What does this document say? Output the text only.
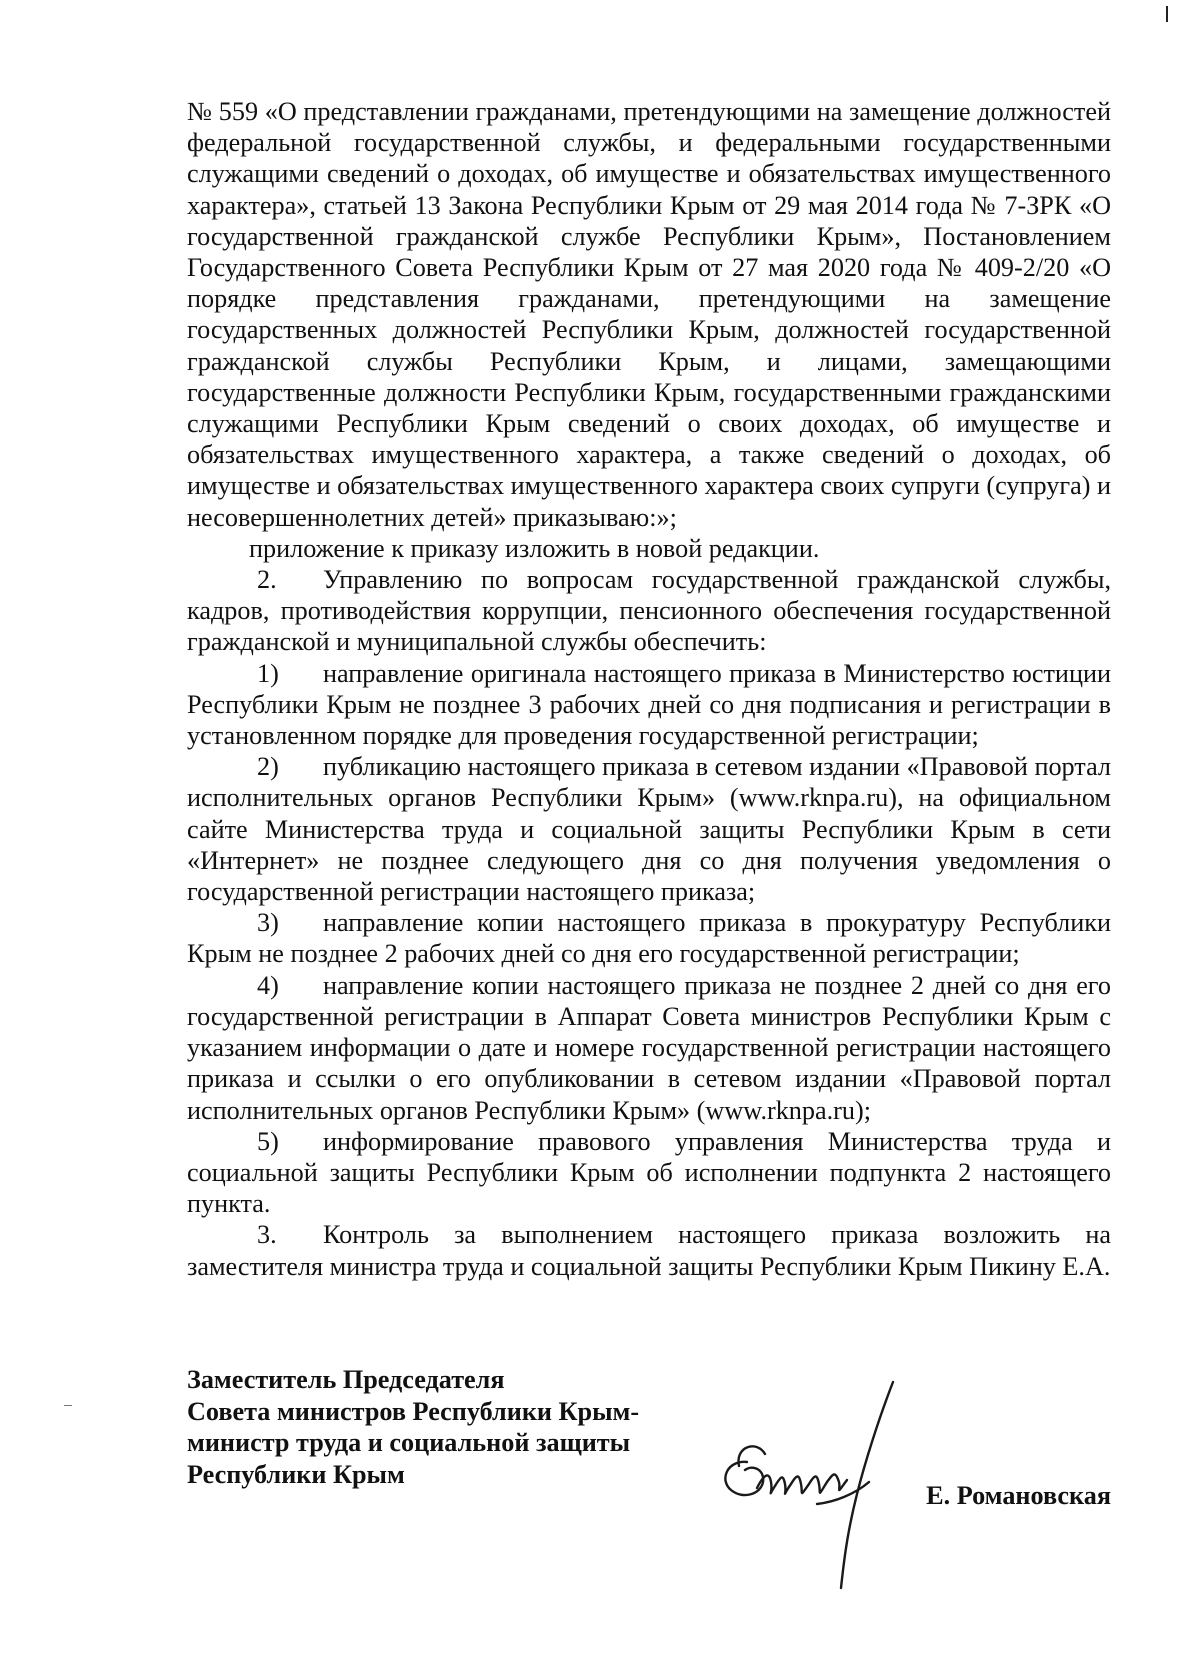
№ 559 «О представлении гражданами, претендующими на замещение должностей федеральной государственной службы, и федеральными государственными служащими сведений о доходах, об имуществе и обязательствах имущественного характера», статьей 13 Закона Республики Крым от 29 мая 2014 года № 7-ЗРК «О государственной гражданской службе Республики Крым», Постановлением Государственного Совета Республики Крым от 27 мая 2020 года № 409-2/20 «О порядке представления гражданами, претендующими на замещение государственных должностей Республики Крым, должностей государственной гражданской службы Республики Крым, и лицами, замещающими государственные должности Республики Крым, государственными гражданскими служащими Республики Крым сведений о своих доходах, об имуществе и обязательствах имущественного характера, а также сведений о доходах, об имуществе и обязательствах имущественного характера своих супруги (супруга) и несовершеннолетних детей» приказываю:»;

приложение к приказу изложить в новой редакции.

2. Управлению по вопросам государственной гражданской службы, кадров, противодействия коррупции, пенсионного обеспечения государственной гражданской и муниципальной службы обеспечить:

1) направление оригинала настоящего приказа в Министерство юстиции Республики Крым не позднее 3 рабочих дней со дня подписания и регистрации в установленном порядке для проведения государственной регистрации;

2) публикацию настоящего приказа в сетевом издании «Правовой портал исполнительных органов Республики Крым» (www.rknpa.ru), на официальном сайте Министерства труда и социальной защиты Республики Крым в сети «Интернет» не позднее следующего дня со дня получения уведомления о государственной регистрации настоящего приказа;

3) направление копии настоящего приказа в прокуратуру Республики Крым не позднее 2 рабочих дней со дня его государственной регистрации;

4) направление копии настоящего приказа не позднее 2 дней со дня его государственной регистрации в Аппарат Совета министров Республики Крым с указанием информации о дате и номере государственной регистрации настоящего приказа и ссылки о его опубликовании в сетевом издании «Правовой портал исполнительных органов Республики Крым» (www.rknpa.ru);

5) информирование правового управления Министерства труда и социальной защиты Республики Крым об исполнении подпункта 2 настоящего пункта.

3. Контроль за выполнением настоящего приказа возложить на заместителя министра труда и социальной защиты Республики Крым Пикину Е.А.

Заместитель Председателя
Совета министров Республики Крым-
министр труда и социальной защиты
Республики Крым
Е. Романовская
